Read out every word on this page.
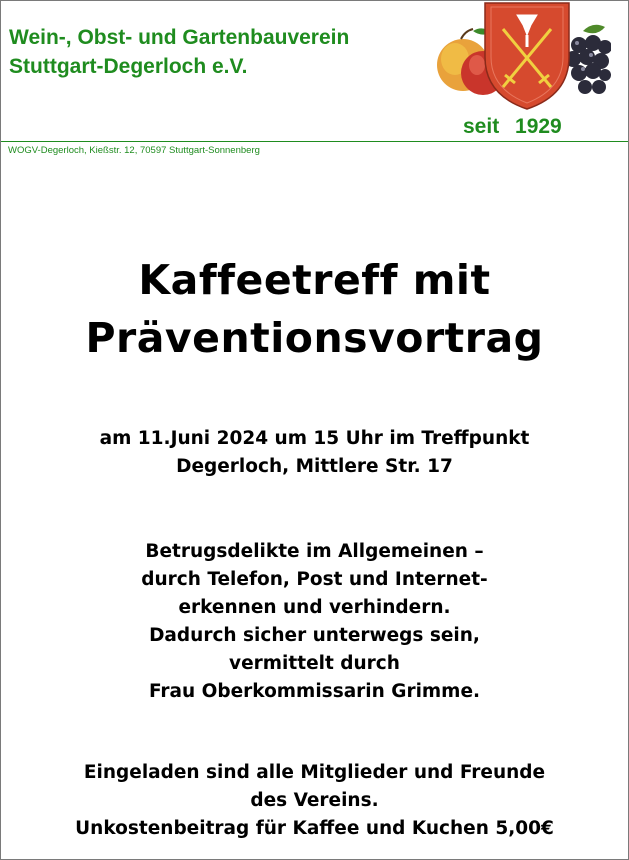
Wein-, Obst- und Gartenbauverein
Stuttgart-Degerloch e.V.
seit 1929
WOGV-Degerloch, Kießstr. 12, 70597 Stuttgart-Sonnenberg
Kaffeetreff mit
Präventionsvortrag
am 11.Juni 2024 um 15 Uhr im Treffpunkt
Degerloch, Mittlere Str. 17
Betrugsdelikte im Allgemeinen –
durch Telefon, Post und Internet-
erkennen und verhindern.
Dadurch sicher unterwegs sein,
vermittelt durch
Frau Oberkommissarin Grimme.
Eingeladen sind alle Mitglieder und Freunde
des Vereins.
Unkostenbeitrag für Kaffee und Kuchen 5,00€
